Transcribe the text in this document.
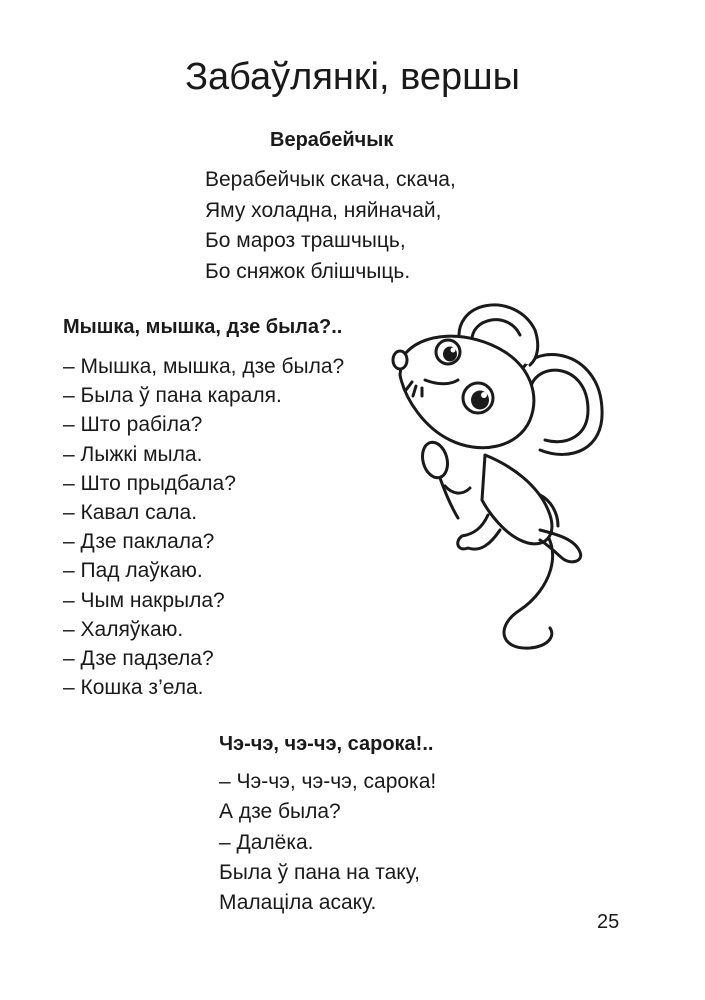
Забаўлянкі, вершы
Верабейчык
Верабейчык скача, скача,
Яму холадна, няйначай,
Бо мароз трашчыць,
Бо сняжок блішчыць.
Мышка, мышка, дзе была?..
– Мышка, мышка, дзе была?
– Была ў пана караля.
– Што рабіла?
– Лыжкі мыла.
– Што прыдбала?
– Кавал сала.
– Дзе паклала?
– Пад лаўкаю.
– Чым накрыла?
– Халяўкаю.
– Дзе падзела?
– Кошка з’ела.
Чэ-чэ, чэ-чэ, сарока!..
– Чэ-чэ, чэ-чэ, сарока!
А дзе была?
– Далёка.
Была ў пана на таку,
Малаціла асаку.
25
